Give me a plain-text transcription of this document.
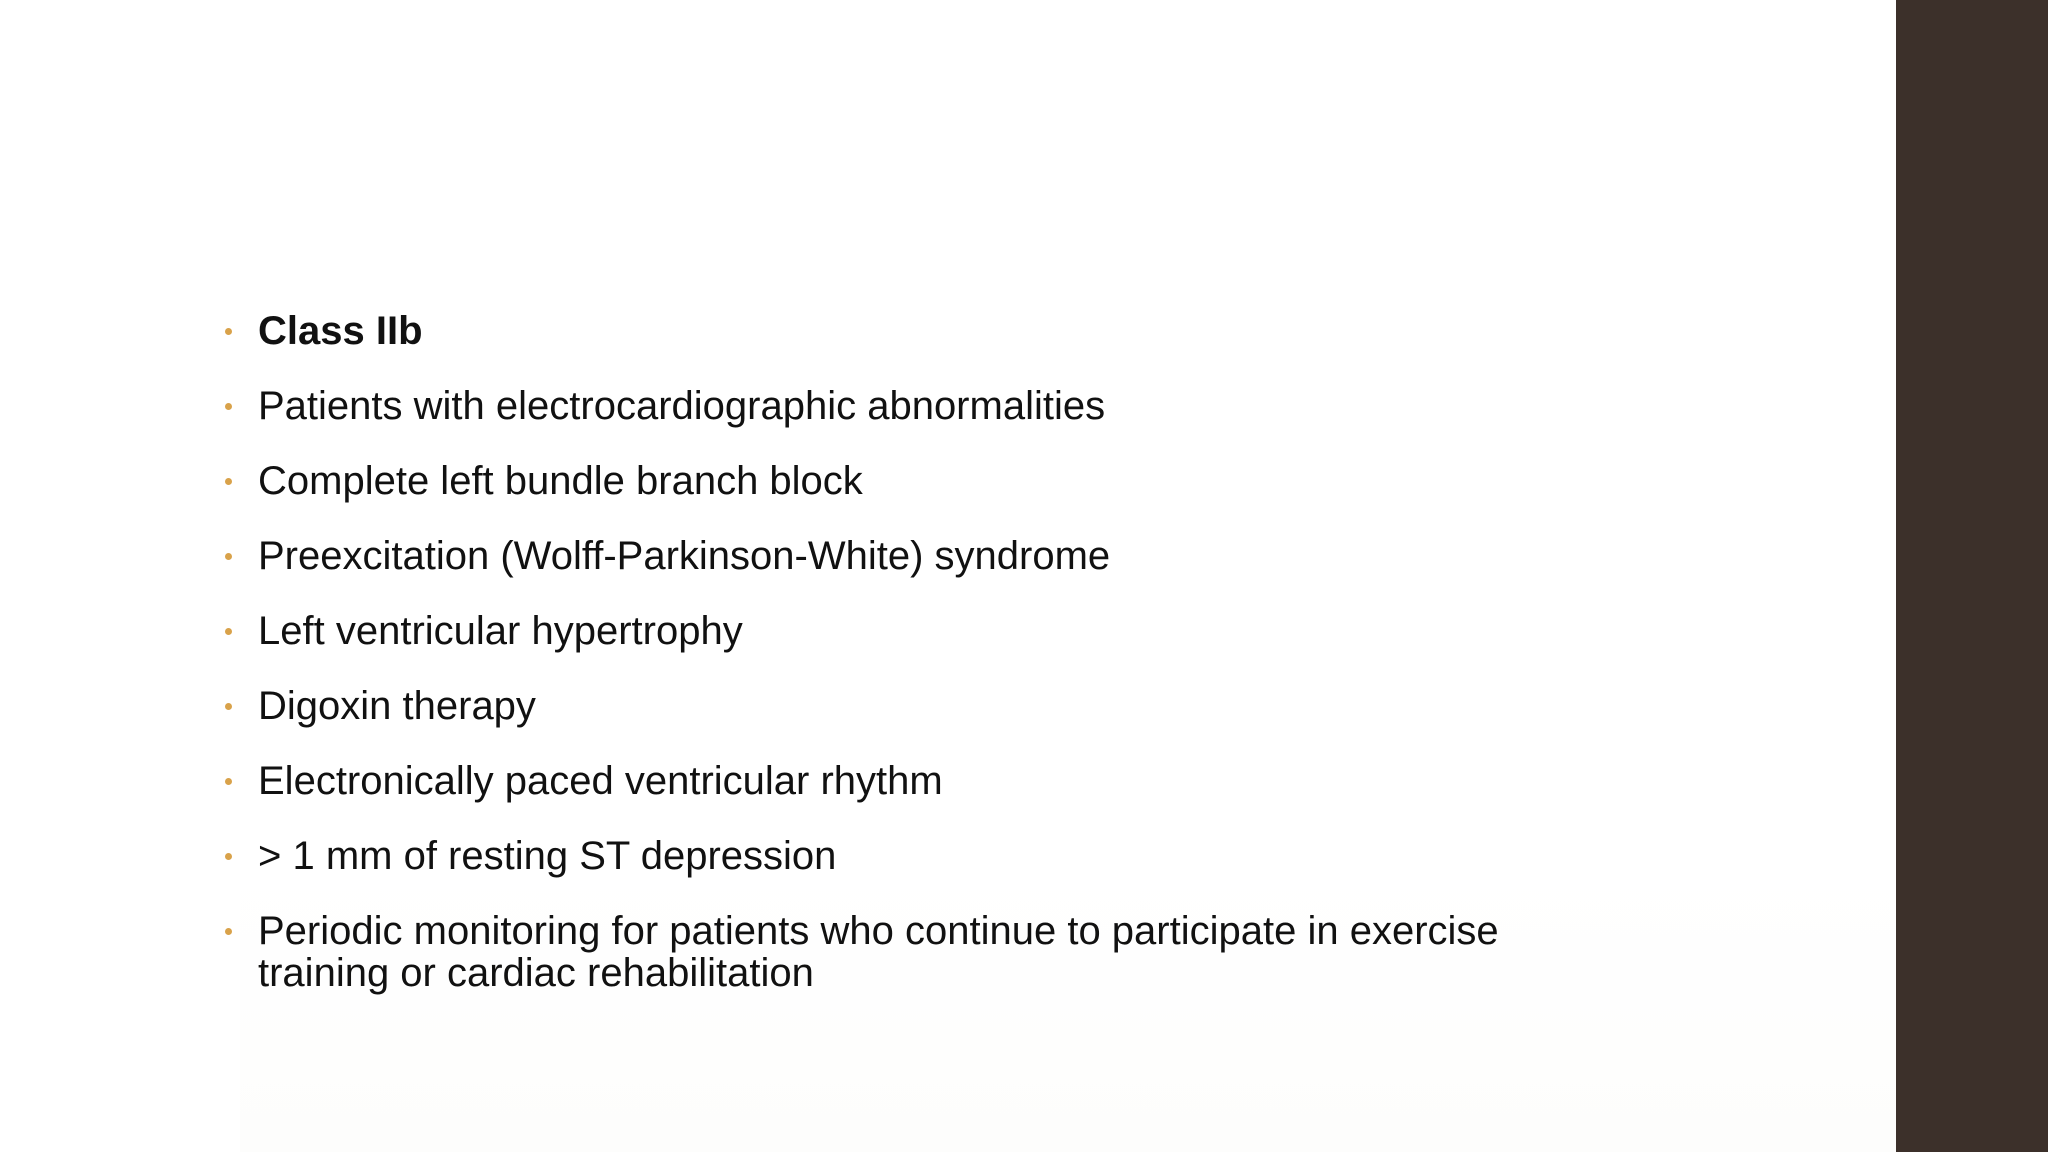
Class IIb
Patients with electrocardiographic abnormalities
Complete left bundle branch block
Preexcitation (Wolff-Parkinson-White) syndrome
Left ventricular hypertrophy
Digoxin therapy
Electronically paced ventricular rhythm
> 1 mm of resting ST depression
Periodic monitoring for patients who continue to participate in exercise training or cardiac rehabilitation
